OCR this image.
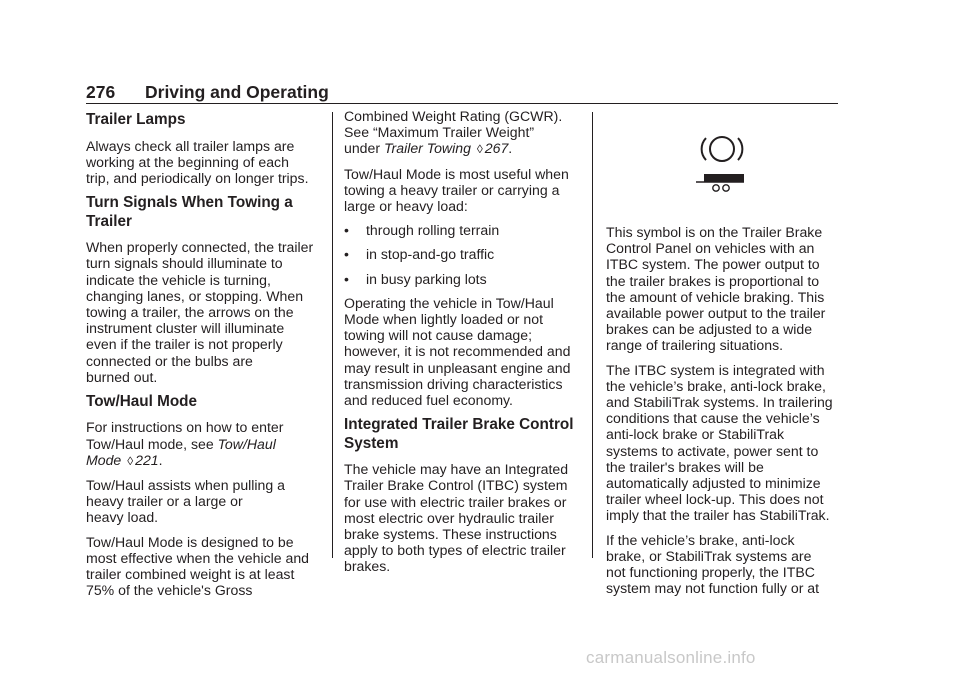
276 Driving and Operating
Trailer Lamps

Always check all trailer lamps are
working at the beginning of each
trip, and periodically on longer trips.

Turn Signals When Towing a Trailer

When properly connected, the trailer
turn signals should illuminate to
indicate the vehicle is turning,
changing lanes, or stopping. When
towing a trailer, the arrows on the
instrument cluster will illuminate
even if the trailer is not properly
connected or the bulbs are
burned out.

Tow/Haul Mode

For instructions on how to enter
Tow/Haul mode, see Tow/Haul
Mode ◊ 221.

Tow/Haul assists when pulling a
heavy trailer or a large or
heavy load.

Tow/Haul Mode is designed to be
most effective when the vehicle and
trailer combined weight is at least
75% of the vehicle's Gross

Combined Weight Rating (GCWR).
See “Maximum Trailer Weight”
under Trailer Towing ◊ 267.

Tow/Haul Mode is most useful when
towing a heavy trailer or carrying a
large or heavy load:

• through rolling terrain
• in stop-and-go traffic
• in busy parking lots

Operating the vehicle in Tow/Haul
Mode when lightly loaded or not
towing will not cause damage;
however, it is not recommended and
may result in unpleasant engine and
transmission driving characteristics
and reduced fuel economy.

Integrated Trailer Brake Control System

The vehicle may have an Integrated
Trailer Brake Control (ITBC) system
for use with electric trailer brakes or
most electric over hydraulic trailer
brake systems. These instructions
apply to both types of electric trailer
brakes.

This symbol is on the Trailer Brake
Control Panel on vehicles with an
ITBC system. The power output to
the trailer brakes is proportional to
the amount of vehicle braking. This
available power output to the trailer
brakes can be adjusted to a wide
range of trailering situations.

The ITBC system is integrated with
the vehicle’s brake, anti-lock brake,
and StabiliTrak systems. In trailering
conditions that cause the vehicle’s
anti-lock brake or StabiliTrak
systems to activate, power sent to
the trailer's brakes will be
automatically adjusted to minimize
trailer wheel lock-up. This does not
imply that the trailer has StabiliTrak.

If the vehicle’s brake, anti-lock
brake, or StabiliTrak systems are
not functioning properly, the ITBC
system may not function fully or at

carmanualsonline.info
